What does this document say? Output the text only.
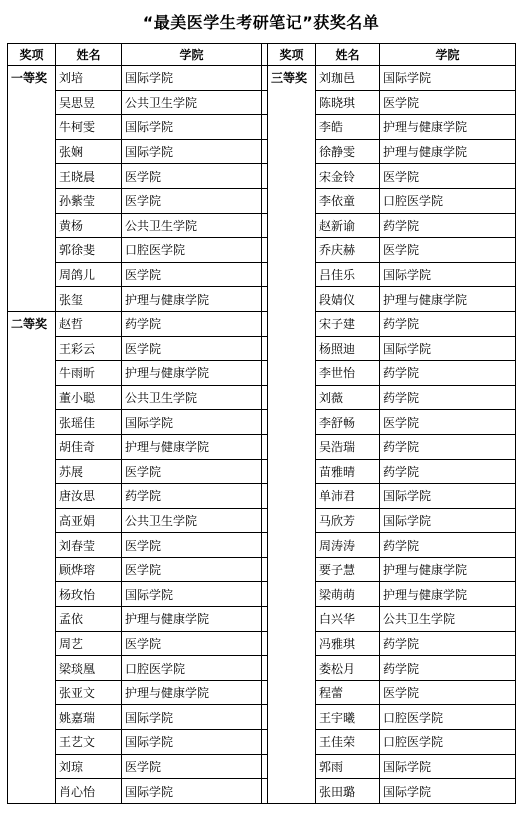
“最美医学生考研笔记”获奖名单
奖项	姓名	学院		奖项	姓名	学院
一等奖	刘培	国际学院		三等奖	刘珈邑	国际学院
	吴思昱	公共卫生学院			陈晓琪	医学院
	牛柯雯	国际学院			李皓	护理与健康学院
	张娴	国际学院			徐静雯	护理与健康学院
	王晓晨	医学院			宋金铃	医学院
	孙紫莹	医学院			李依童	口腔医学院
	黄杨	公共卫生学院			赵新谕	药学院
	郭徐斐	口腔医学院			乔庆赫	医学院
	周鸽儿	医学院			吕佳乐	国际学院
	张玺	护理与健康学院			段婧仪	护理与健康学院
二等奖	赵哲	药学院			宋子建	药学院
	王彩云	医学院			杨照迪	国际学院
	牛雨昕	护理与健康学院			李世怡	药学院
	董小聪	公共卫生学院			刘薇	药学院
	张瑶佳	国际学院			李舒畅	医学院
	胡佳奇	护理与健康学院			吴浩瑞	药学院
	苏展	医学院			苗雅晴	药学院
	唐汝思	药学院			单沛君	国际学院
	高亚娟	公共卫生学院			马欣芳	国际学院
	刘春莹	医学院			周涛涛	药学院
	顾烨瑢	医学院			要子慧	护理与健康学院
	杨玫怡	国际学院			梁萌萌	护理与健康学院
	孟依	护理与健康学院			白兴华	公共卫生学院
	周艺	医学院			冯雅琪	药学院
	梁琰凰	口腔医学院			娄松月	药学院
	张亚文	护理与健康学院			程蕾	医学院
	姚嘉瑞	国际学院			王宇曦	口腔医学院
	王艺文	国际学院			王佳荣	口腔医学院
	刘琼	医学院			郭雨	国际学院
	肖心怡	国际学院			张田璐	国际学院
